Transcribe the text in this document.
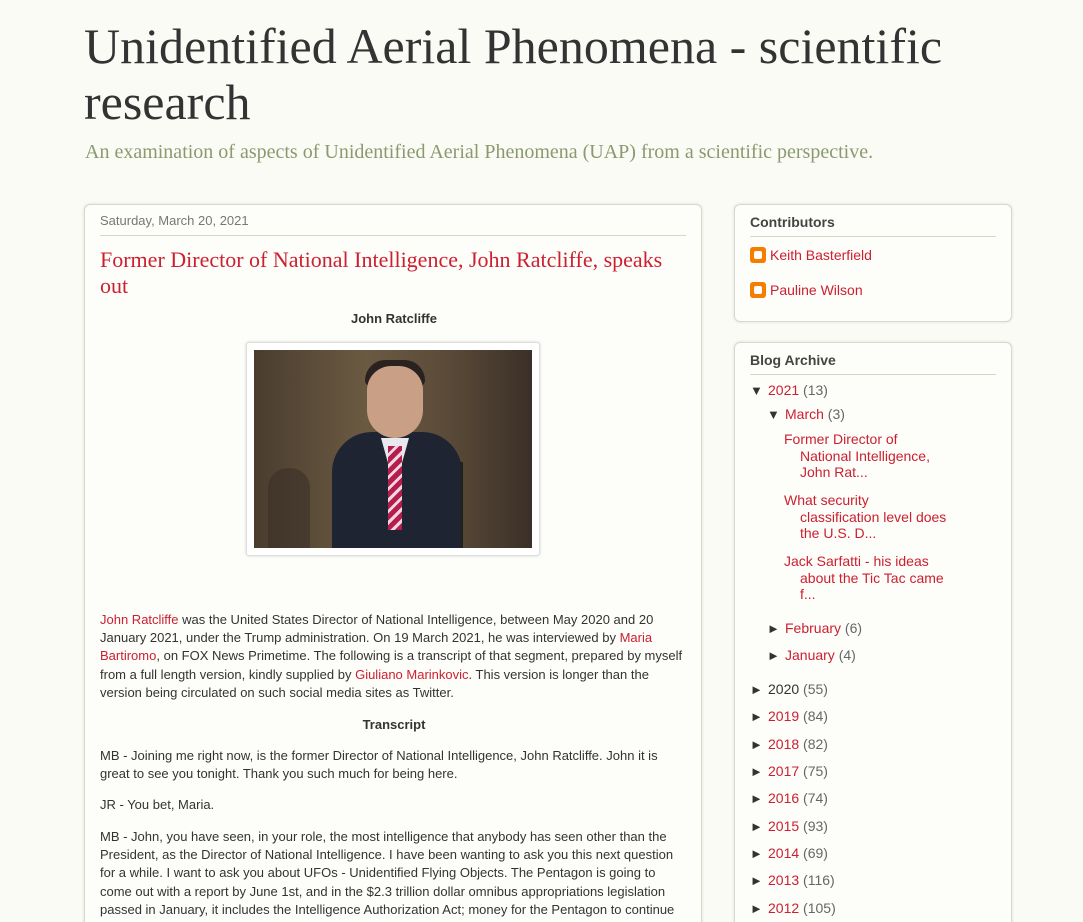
Unidentified Aerial Phenomena - scientific research
An examination of aspects of Unidentified Aerial Phenomena (UAP) from a scientific perspective.
Saturday, March 20, 2021
Former Director of National Intelligence, John Ratcliffe, speaks out
John Ratcliffe
John Ratcliffe was the United States Director of National Intelligence, between May 2020 and 20 January 2021, under the Trump administration. On 19 March 2021, he was interviewed by Maria Bartiromo, on FOX News Primetime. The following is a transcript of that segment, prepared by myself from a full length version, kindly supplied by Giuliano Marinkovic. This version is longer than the version being circulated on such social media sites as Twitter.
Transcript
MB - Joining me right now, is the former Director of National Intelligence, John Ratcliffe. John it is great to see you tonight. Thank you such much for being here.
JR - You bet, Maria.
MB - John, you have seen, in your role, the most intelligence that anybody has seen other than the President, as the Director of National Intelligence. I have been wanting to ask you this next question for a while. I want to ask you about UFOs - Unidentified Flying Objects. The Pentagon is going to come out with a report by June 1st, and in the $2.3 trillion dollar omnibus appropriations legislation passed in January, it includes the Intelligence Authorization Act; money for the Pentagon to continue
Contributors
Keith Basterfield
Pauline Wilson
Blog Archive
▼ 2021 (13)
▼ March (3)
Former Director of National Intelligence, John Rat...
What security classification level does the U.S. D...
Jack Sarfatti - his ideas about the Tic Tac came f...
► February (6)
► January (4)
► 2020 (55)
► 2019 (84)
► 2018 (82)
► 2017 (75)
► 2016 (74)
► 2015 (93)
► 2014 (69)
► 2013 (116)
► 2012 (105)
